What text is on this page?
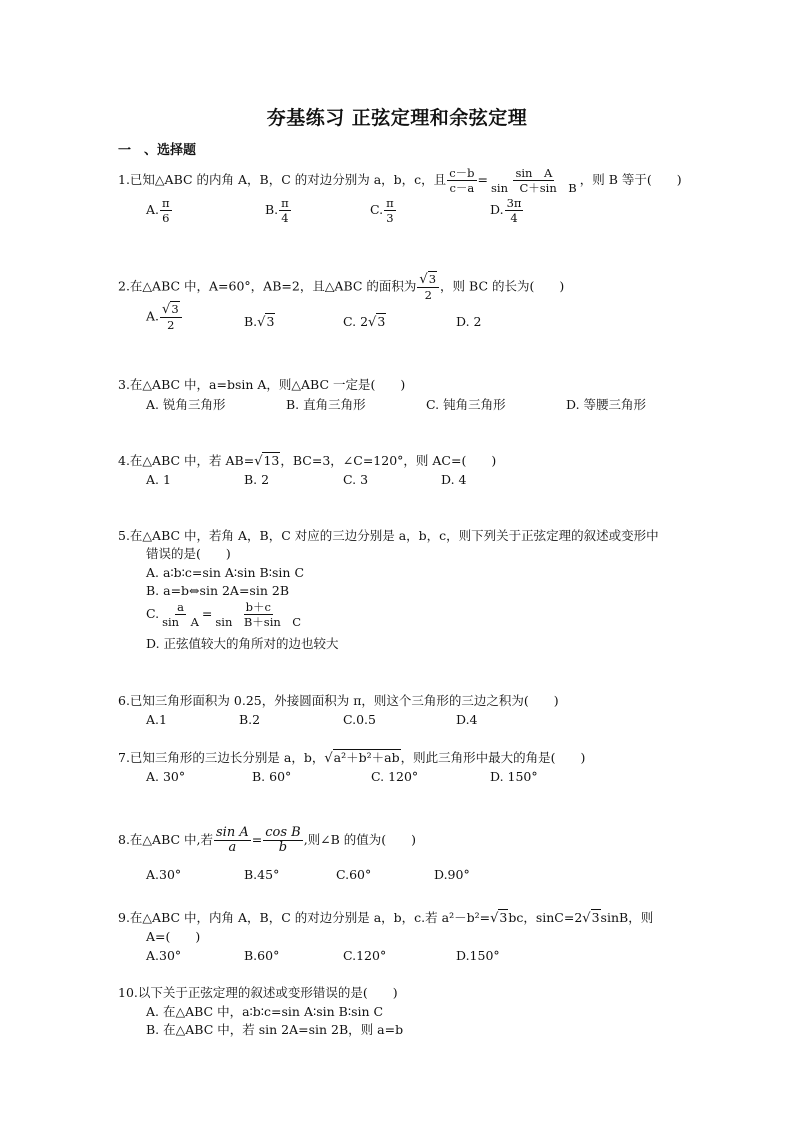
夯基练习 正弦定理和余弦定理
一　、选择题
1.已知△ABC 的内角 A，B，C 的对边分别为 a，b，c，且 $\frac{c-b}{c-a} = \frac{\text{sin　A}}{\text{sin　C＋sin　B}}$ ，则 B 等于(　　)
A. $\frac{\pi}{6}$	B. $\frac{\pi}{4}$	C. $\frac{\pi}{3}$	D. $\frac{3\pi}{4}$
2.在△ABC 中，A=60°，AB=2，且△ABC 的面积为 $\frac{√3}{2}$ ，则 BC 的长为(　　)
A. $\frac{√3}{2}$	B.√3	C. 2√3	D. 2
3.在△ABC 中，a=bsin A，则△ABC 一定是(　　)
A. 锐角三角形	B. 直角三角形	C. 钝角三角形	D. 等腰三角形
4.在△ABC 中，若 AB=√13，BC=3，∠C=120°，则 AC=(　　)
A. 1	B. 2	C. 3	D. 4
5.在△ABC 中，若角 A，B，C 对应的三边分别是 a，b，c，则下列关于正弦定理的叙述或变形中
错误的是(　　)
A. a∶b∶c=sin A∶sin B∶sin C
B. a=b⇔sin 2A=sin 2B
C. $\frac{a}{\text{sin　A}} = \frac{b+c}{\text{sin　B＋sin　C}}$
D. 正弦值较大的角所对的边也较大
6.已知三角形面积为 0.25，外接圆面积为 π，则这个三角形的三边之积为(　　)
A.1	B.2	C.0.5	D.4
7.已知三角形的三边长分别是 a，b，√a²＋b²＋ab，则此三角形中最大的角是(　　)
A. 30°	B. 60°	C. 120°	D. 150°
8.在△ABC 中,若 $\frac{\text{sin A}}{a} = \frac{\text{cos B}}{b}$ ,则∠B 的值为(　　)
A.30°	B.45°	C.60°	D.90°
9.在△ABC 中，内角 A，B，C 的对边分别是 a，b，c.若 a²－b²=√3bc，sinC=2√3sinB，则
A=(　　)
A.30°	B.60°	C.120°	D.150°
10.以下关于正弦定理的叙述或变形错误的是(　　)
A. 在△ABC 中，a∶b∶c=sin A∶sin B∶sin C
B. 在△ABC 中，若 sin 2A=sin 2B，则 a=b
